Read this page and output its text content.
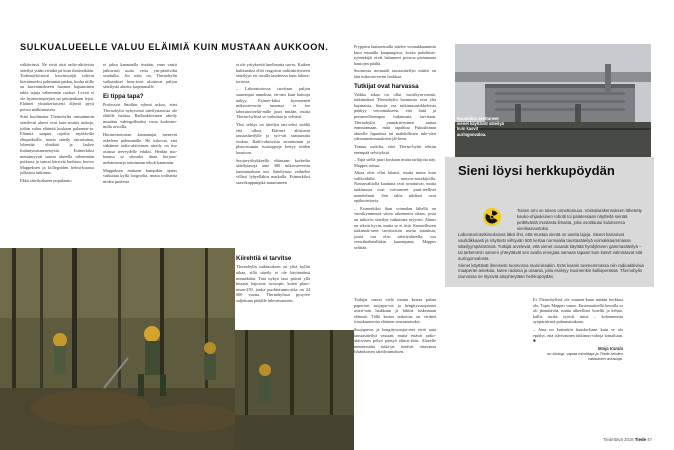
SULKUALUEELLE VALUU ELÄIMIÄ KUIN MUSTAAN AUKKOON.

välttävässä. Ne eivät aisti radio-aktiivista säteilyä ytään eivätkä pä kuin ihmisetkään. Todennä-köisesti kasvinsyöjät tulevat kiertämeeksi pahimmat paikat, koska niille on kasvaimekseen huonon hajuaminen takia tajuja vähemmän ruokaa. Levoä ei ole hyönteisepiejien tai petojenkaan lejoä. Eläimet yksinkertaisesti äljävät pyyä poissa mälkimiaseta.

Siitä huolimatta Tšernobylin runsaimmin säteilevät alueet ovat kuin muitta asikoja, joihin valuu eläimiä koskaan palaamat-ta. Eläimiä saapuu rajoilta myötävilie elinpaikoille, mutta säteily sairastuttaa, lyhentää elinikää ja laskee lisääntymismenestystä. Esimerkiksi metsämyyrät saavat alueella vähemmän poikasia ja saavat kärsivät kuihista, kertoo Mappeksen ja kollegoiden helmi-kuussa julkaistu tutkimus.

Ekkä säteilyalueen populaatio

ei jaksa kannatella itseään, vaan vaatii jatkuvasti uutta verta ym-päröiviltä seuduilta. Jos näin on, Tšernobylin vaikutukset luon-toon ulottuvat paljon säteilystä aluetta laajemmalle.

Ei tippa tapa?

Professori Smithin ryhmä uskoo, ettei Tšernobylin nykyisestä säteilystasosta ole eläiille haittaa. Radioaktiivinen säteily muuttuu vahingolliseksi vasta korkeam-milla arvoilla.

Hormesisteorian kannattajat menevät askeleen pidemmälle. He uskovat, että vähäinen radio-aktiivinen säteily on itse asiassa terveydelle eduksi. Heidän mu-kaansa se stimuloi dnan korjaus-mekanismeja toimimaan tehok-kaammin.

Mappeksen mukaan kumpikin ajatus vaikuttaa kyllä loogiselta, mutta todisteita niiden puolesta

ei ole yritykseitä huolimatta saa-tu. Kaiken kukkuraksi eliöt reagoivat radioaktiiviseen säteilyyn eri tavalla taudeessa kuin labora-toriossa.

– Laboratoriossa tarvitaan paljon suurempia annoksia, en-nen kuin haittoja näkyy. Esimer-kiksi kymmenen mikrosievertin tunnissa ei tee laboratorioeläi-mille juuri mitään, mutta Tšerno-bylissä se vaikuttaa jo selvästi.

Yksi selitys on säteilyn tais-seksi sisältä että ulkoa. Eläimet altistuvat taustasäteilylle ja syö-vät saastunutta ruokaa. Radio-aktiivisia strontiumin ja pluto-niumin isotooppeja kertyy niiden luustoon.

Suojavyöhykkeellä eläintaan korkeilta säteilytasoja aino 380 mikrosievertin tuntiannoksen asti. Säteilytaso vaihtelee villisti lyhyelläkin matkalla. Esimerkiksi saavekappungikä muuttuneen

Kiirehtiä ei tarvitse

Tšernobylin tutkimuksen on ylitä kyllin aikaa, sillä säteily ei ole häviämässä minnekään. Tätä nykyä taso päivät yllä hitaasti hajoavat isotoopit, kuten pluto-nium-239, jonka puoliintumis-aika on 24 000 vuotta. Tšernobylissä pysyvee suljettuna pitkälle tulevaisuuteen.

Prypjatin lautasensalla sätelee voimakkaammin kuin muualla kaupungissa, koska puhdistus-työntekijät eivät halunneet poistoa pietamaata hautojen päältä.

Suomessa normaali taustasäteilyn määrä on tätä mikrosievertin luokkaa.

Tutkijat ovat harvassa

Vaikka aikaa on ollut vuosikym-meniä, tutkimukset Tšernobylin luonnosta ovat yhä hajanaisia. Suurin osa tutkimusartikkeleista päättyy vetoomukseen, että lisää ja perusteellisempaa tutkimusta tarvitaan. Tšernobylin ymmärtä-minen auttaa ennustamaan, mitä tapahtuu Fukushiman alueella Japanissa tai mahdollisten tule-vien ydinonnettomuuksien jäl-keen.

Tuntuu oudolta, ettei Tšerno-bylin tehtiin enempää selvityksiä.

– Eipä siellä juuri koskaan mutta turhijoita näy, Mappes toteaa.

Aikaa olisi ollut lukaisi, mutta mutta kuin valikoidulla neuvos-totutkijoilla. Nousuvaltiolla kaadutta ovat avautuivat, mutta tutkimusta ovat voivonneet puut-teelliset menetelmät. Sen takia tulokset ovat epäluotettavia.

– Esimerkiksi ihan voimalan lähellä on vuosikymmeniä sitten rakennettu aitaus, josta on tutkit-tu säteilyn vaikutusta myyriin. Altaus on sikein hyvin, mutta se ei riitä. Kunnolliseen tutkimuk-seen tarvittaisiin useita aitauksia, joista osa olisi säteilyalueella, osa vertailualueallakin kauempana, Mappes selittää.

Rauniohin asettuneet sienet käyttävät säteilyä kuin kasvit auringonvaloa.
Sieni löysi herkkupöydän

Toisen omi on toisen onnettomuus. Voimalarakennuksen lähetetty kauko-ohjauksinen robotti toi palatessaan näytteitä seinää peittävästä mustasta limasta, joka osoittautui kuluksensa sienikasvustoksi.

Laboratoriotutkimuksissa läksi ilmi, että mustaa sientä on useita lajeja. Sienet kasvoivat vauhdikkaasti ja näyttivät viihtyvän 500 kertaa normaalia taustasäteilyä voimakkaammassa säteilyympäristössä. Tutkijat arvelevat, että sienet osaavat käyttää hyödykseen gammasäteilyä – tai tarkemmin sanoen yhteyttävät sen avulla energiaa samaan tapaan kuin kasvit valmistavat sitä auringonvalosta.

Sienet käyttävät ilmeisesti tuonnossa raunioissakin. Eräs kasvin tuoreemmassa niin radioaktiivisia maaperän aineksia, kuten radonia ja uraania, joita esiintyy Suomenkin kallioperässä. Tšernobylin raunoissa ne löysivät aitoyhteytään herkkupöydän.

Tutkijat saavat vielä monta kertaa palata paperiset suojapu-vut ja hengityssuojaimet asteit-tain laukkaan ja lähtöä laskemaan eläimiä. Tällä kertaa tarkoitus on viritteä riistakameroita eläinten seuraamiseksi.

Suojapuvut ja hengityssuojai-met eivät auta taustasäteilyä vastaan, mutta estävät radio-aktiivisen pölyn pääsyä elimis-töön. Alueelle mennessään tutki-jat tietävät ottavansa lyhänkoisen säteilyannoksen.

Ei Tšernobylissä ole muuten-kaan mitään herkkua ole, Tapio Mappes sanoo. Ensimmäisellä kerralla se oli jännittävää, mutta alkeelliset hotellit ja kehno, kallis ruoka syövät intoa – kohonneesta syöpäriskistä puhumattakaan.

– Aina on kuitenkin hauska-kaan kuin se ole epäilyt, että talvivaunen tutkimus-rahoja lomailuun. ■

Maija Karala
on biologi, vapaa toimittaja ja Tiede-lehden vakituinen avustaja.
Tiedettävä 2016 Tiede 47
